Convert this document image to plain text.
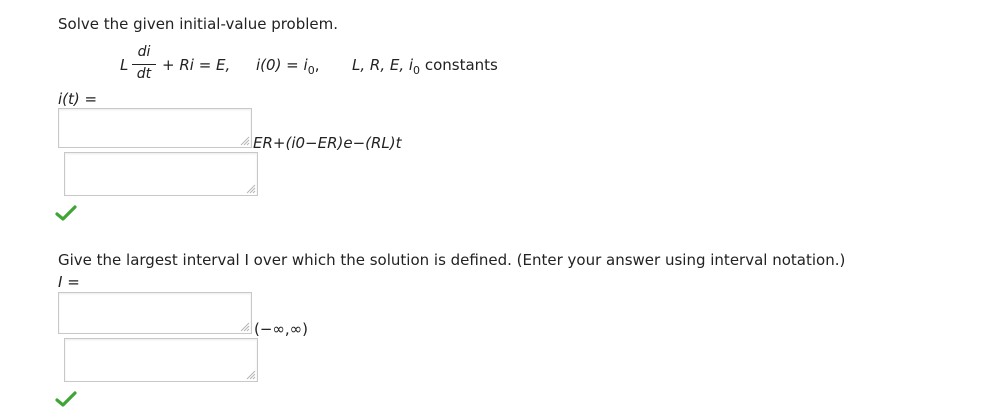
Solve the given initial-value problem.
L
di
dt + Ri = E, $i(0) = i_0$, L, R, E, $i_0$ constants
i(t) =
ER+(i0−ER)e−(RL)t
Give the largest interval I over which the solution is defined. (Enter your answer using interval notation.)
I =
(−∞,∞)
